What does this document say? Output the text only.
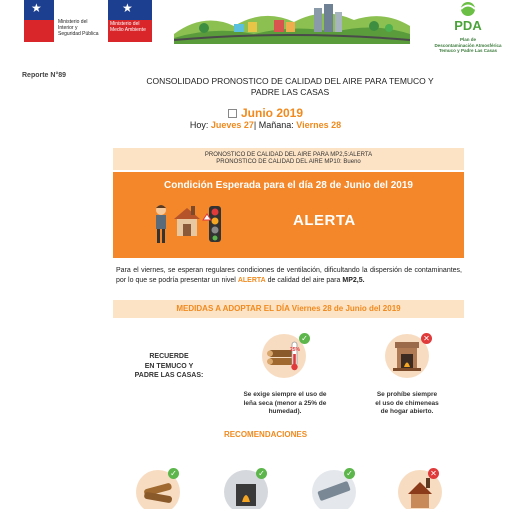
★
Ministerio del
Interior y
Seguridad Pública
★
Ministerio del
Medio Ambiente	PDA
Plan de
Descontaminación Atmosférica
Temuco y Padre Las Casas
Reporte N°89
CONSOLIDADO PRONOSTICO DE CALIDAD DEL AIRE PARA TEMUCO Y
PADRE LAS CASAS
Junio 2019
Hoy: Jueves 27| Mañana: Viernes 28
PRONOSTICO DE CALIDAD DEL AIRE PARA MP2,5:ALERTA
PRONOSTICO DE CALIDAD DEL AIRE MP10: Bueno
Condición Esperada para el día 28 de Junio del 2019
ALERTA
Para el viernes, se esperan regulares condiciones de ventilación, dificultando la dispersión de contaminantes, por lo que se podría presentar un nivel ALERTA de calidad del aire para MP2,5.
MEDIDAS A ADOPTAR EL DÍA Viernes 28 de Junio del 2019
RECUERDE
EN TEMUCO Y
PADRE LAS CASAS:
25%
✓
Se exige siempre el uso de
leña seca (menor a 25% de
humedad).
✕
Se prohíbe siempre
el uso de chimeneas
de hogar abierto.
RECOMENDACIONES
✓	✓	✓	✕
